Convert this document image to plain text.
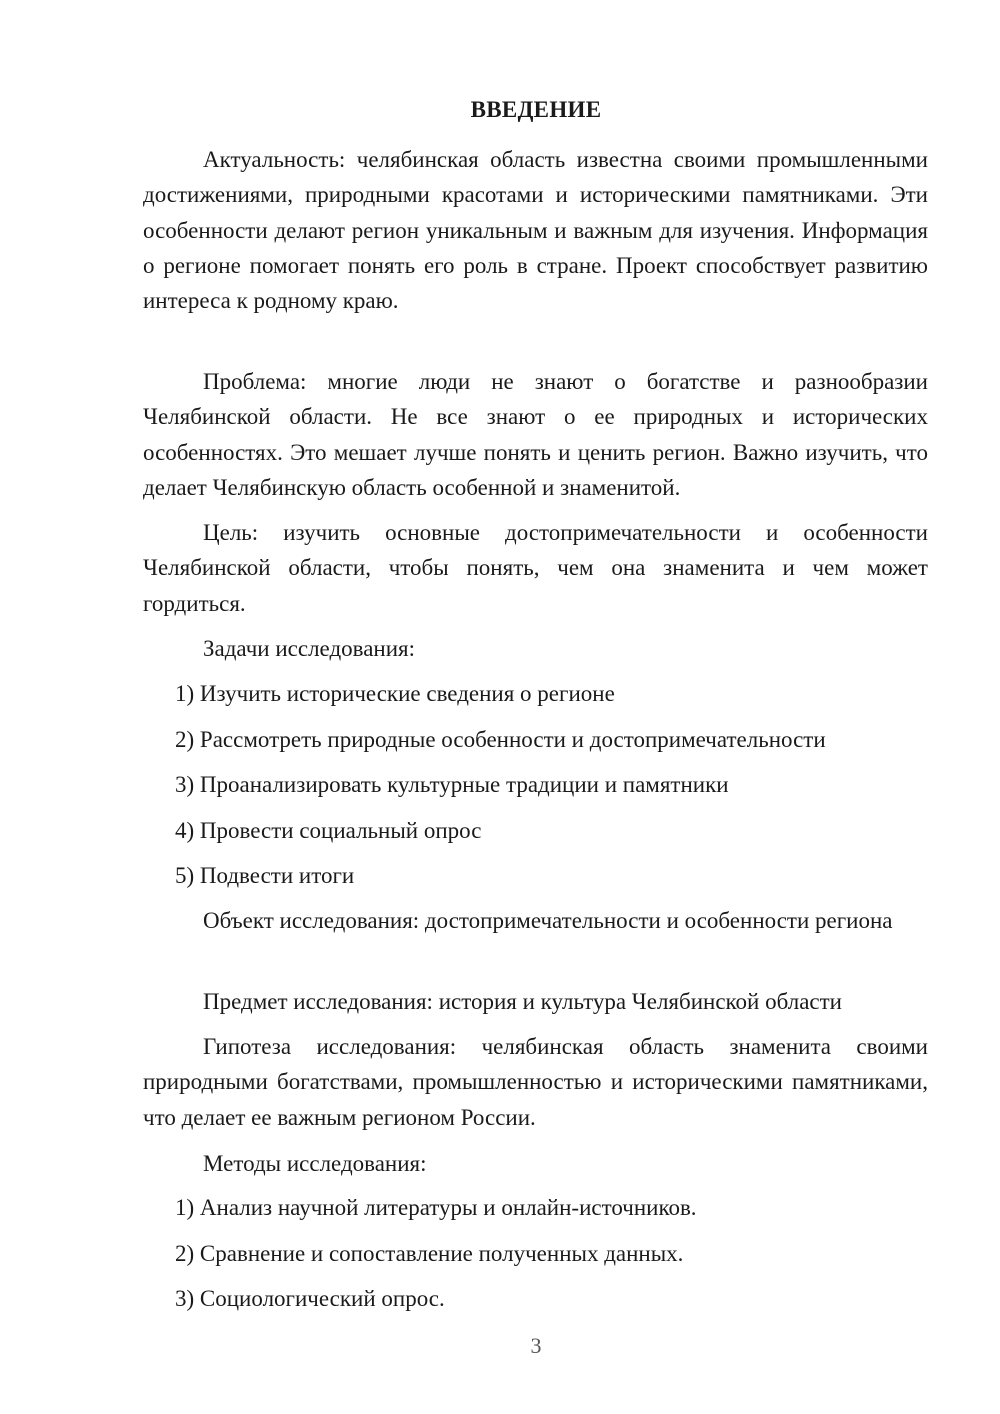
ВВЕДЕНИЕ

Актуальность: челябинская область известна своими промышленными достижениями, природными красотами и историческими памятниками. Эти особенности делают регион уникальным и важным для изучения. Информация о регионе помогает понять его роль в стране. Проект способствует развитию интереса к родному краю.

Проблема: многие люди не знают о богатстве и разнообразии Челябинской области. Не все знают о ее природных и исторических особенностях. Это мешает лучше понять и ценить регион. Важно изучить, что делает Челябинскую область особенной и знаменитой.

Цель: изучить основные достопримечательности и особенности Челябинской области, чтобы понять, чем она знаменита и чем может гордиться.

Задачи исследования:

1) Изучить исторические сведения о регионе
2) Рассмотреть природные особенности и достопримечательности
3) Проанализировать культурные традиции и памятники
4) Провести социальный опрос
5) Подвести итоги

Объект исследования: достопримечательности и особенности региона

Предмет исследования: история и культура Челябинской области

Гипотеза исследования: челябинская область знаменита своими природными богатствами, промышленностью и историческими памятниками, что делает ее важным регионом России.

Методы исследования:

1) Анализ научной литературы и онлайн-источников.
2) Сравнение и сопоставление полученных данных.
3) Социологический опрос.
3
